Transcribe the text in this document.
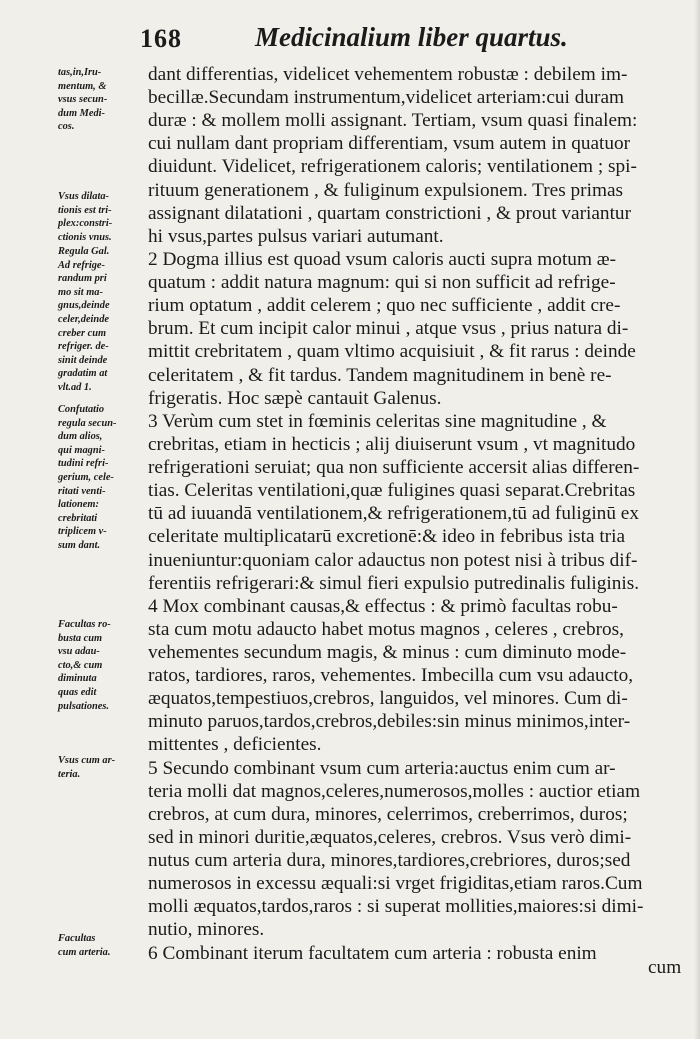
168	Medicinalium liber quartus.
tas,in,Iru-
mentum, &
vsus secun-
dum Medi-
cos.
Vsus dilata-
tionis est tri-
plex:constri-
ctionis vnus.
Regula Gal.
Ad refrige-
randum pri
mo sit ma-
gnus,deinde
celer,deinde
creber cum
refriger. de-
sinit deinde
gradatim at
vlt.ad 1.
Confutatio
regula secun-
dum alios,
qui magni-
tudini refri-
gerium, cele-
ritati venti-
lationem:
crebritati
triplicem v-
sum dant.
Facultas ro-
busta cum
vsu adau-
cto,& cum
diminuta
quas edit
pulsationes.
Vsus cum ar-
teria.
Facultas
cum arteria.
dant differentias, videlicet vehementem robustæ : debilem im-
becillæ.Secundam instrumentum,videlicet arteriam:cui duram
duræ : & mollem molli assignant. Tertiam, vsum quasi finalem:
cui nullam dant propriam differentiam, vsum autem in quatuor
diuidunt. Videlicet, refrigerationem caloris; ventilationem ; spi-
rituum generationem , & fuliginum expulsionem. Tres primas
assignant dilatationi , quartam constrictioni , & prout variantur
hi vsus,partes pulsus variari autumant.
2 Dogma illius est quoad vsum caloris aucti supra motum æ-
quatum : addit natura magnum: qui si non sufficit ad refrige-
rium optatum , addit celerem ; quo nec sufficiente , addit cre-
brum. Et cum incipit calor minui , atque vsus , prius natura di-
mittit crebritatem , quam vltimo acquisiuit , & fit rarus : deinde
celeritatem , & fit tardus. Tandem magnitudinem in benè re-
frigeratis. Hoc sæpè cantauit Galenus.
3 Verùm cum stet in fœminis celeritas sine magnitudine , &
crebritas, etiam in hecticis ; alij diuiserunt vsum , vt magnitudo
refrigerationi seruiat; qua non sufficiente accersit alias differen-
tias. Celeritas ventilationi,quæ fuligines quasi separat.Crebritas
tū ad iuuandā ventilationem,& refrigerationem,tū ad fuliginū ex
celeritate multiplicatarū excretionē:& ideo in febribus ista tria
inueniuntur:quoniam calor adauctus non potest nisi à tribus dif-
ferentiis refrigerari:& simul fieri expulsio putredinalis fuliginis.
4 Mox combinant causas,& effectus : & primò facultas robu-
sta cum motu adaucto habet motus magnos , celeres , crebros,
vehementes secundum magis, & minus : cum diminuto mode-
ratos, tardiores, raros, vehementes. Imbecilla cum vsu adaucto,
æquatos,tempestiuos,crebros, languidos, vel minores. Cum di-
minuto paruos,tardos,crebros,debiles:sin minus minimos,inter-
mittentes , deficientes.
5 Secundo combinant vsum cum arteria:auctus enim cum ar-
teria molli dat magnos,celeres,numerosos,molles : auctior etiam
crebros, at cum dura, minores, celerrimos, creberrimos, duros;
sed in minori duritie,æquatos,celeres, crebros. Vsus verò dimi-
nutus cum arteria dura, minores,tardiores,crebriores, duros;sed
numerosos in excessu æquali:si vrget frigiditas,etiam raros.Cum
molli æquatos,tardos,raros : si superat mollities,maiores:si dimi-
nutio, minores.
6 Combinant iterum facultatem cum arteria : robusta enim
cum
